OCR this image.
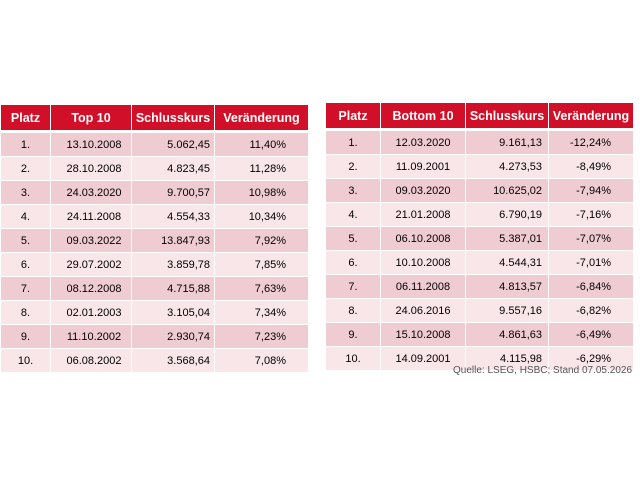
Platz	Top 10	Schlusskurs	Veränderung
1.	13.10.2008	5.062,45	11,40%
2.	28.10.2008	4.823,45	11,28%
3.	24.03.2020	9.700,57	10,98%
4.	24.11.2008	4.554,33	10,34%
5.	09.03.2022	13.847,93	7,92%
6.	29.07.2002	3.859,78	7,85%
7.	08.12.2008	4.715,88	7,63%
8.	02.01.2003	3.105,04	7,34%
9.	11.10.2002	2.930,74	7,23%
10.	06.08.2002	3.568,64	7,08%
Platz	Bottom 10	Schlusskurs	Veränderung
1.	12.03.2020	9.161,13	-12,24%
2.	11.09.2001	4.273,53	-8,49%
3.	09.03.2020	10.625,02	-7,94%
4.	21.01.2008	6.790,19	-7,16%
5.	06.10.2008	5.387,01	-7,07%
6.	10.10.2008	4.544,31	-7,01%
7.	06.11.2008	4.813,57	-6,84%
8.	24.06.2016	9.557,16	-6,82%
9.	15.10.2008	4.861,63	-6,49%
10.	14.09.2001	4.115,98	-6,29%
Quelle: LSEG, HSBC; Stand 07.05.2026
